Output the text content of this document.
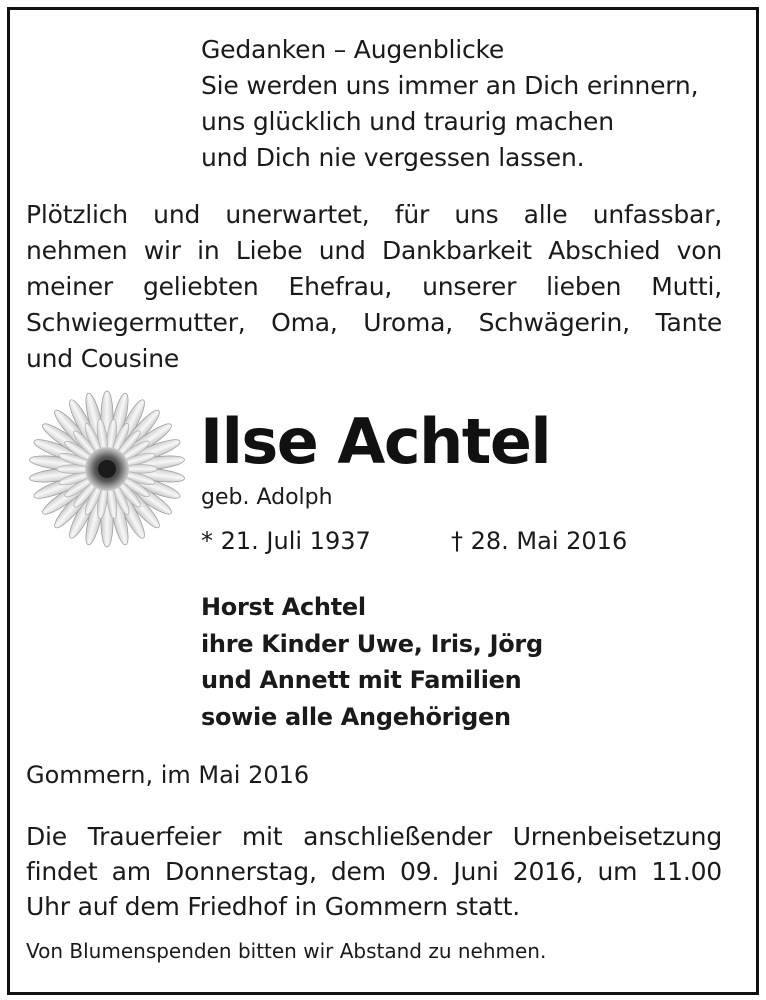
Gedanken – Augenblicke
Sie werden uns immer an Dich erinnern,
uns glücklich und traurig machen
und Dich nie vergessen lassen.
Plötzlich und unerwartet, für uns alle unfassbar,
nehmen wir in Liebe und Dankbarkeit Abschied von
meiner geliebten Ehefrau, unserer lieben Mutti,
Schwiegermutter, Oma, Uroma, Schwägerin, Tante
und Cousine
Ilse Achtel
geb. Adolph
* 21. Juli 1937	† 28. Mai 2016
Horst Achtel
ihre Kinder Uwe, Iris, Jörg
und Annett mit Familien
sowie alle Angehörigen
Gommern, im Mai 2016
Die Trauerfeier mit anschließender Urnenbeisetzung
findet am Donnerstag, dem 09. Juni 2016, um 11.00
Uhr auf dem Friedhof in Gommern statt.
Von Blumenspenden bitten wir Abstand zu nehmen.
